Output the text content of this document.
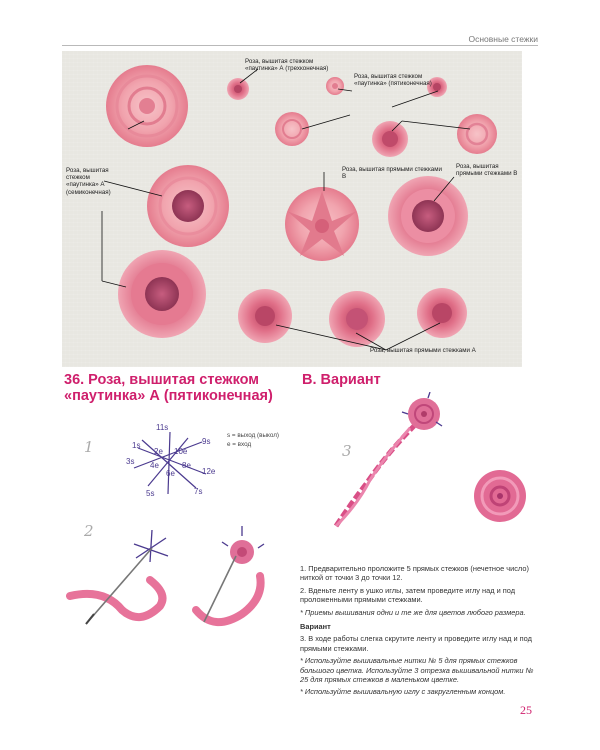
Основные стежки
Роза, вышитая стежком «паутинка» А (трехконечная)
Роза, вышитая стежком «паутинка» (пятиконечная)
Роза, вышитая стежком «паутинка» А (семиконечная)
Роза, вышитая прямыми стежками В
Роза, вышитая прямыми стежками В
Роза, вышитая прямыми стежками А
36. Роза, вышитая стежком «паутинка» А (пятиконечная)
В. Вариант
1
11s
9s
1s
2e 10e
3s 4e
6e	12e
8e
5s	7s
s = выход (выкол)
е = вход
2
3

1. Предварительно проложите 5 прямых стежков (нечетное число) ниткой от точки 3 до точки 12.

2. Вденьте ленту в ушко иглы, затем проведите иглу над и под проложенными прямыми стежками.

* Приемы вышивания одни и те же для цветов любого размера.

Вариант

3. В ходе работы слегка скрутите ленту и проведите иглу над и под прямыми стежками.

* Используйте вышивальные нитки № 5 для прямых стежков большого цветка. Используйте 3 отрезка вышивальной нитки № 25 для прямых стежков в маленьком цветке.

* Используйте вышивальную иглу с закругленным концом.

25
